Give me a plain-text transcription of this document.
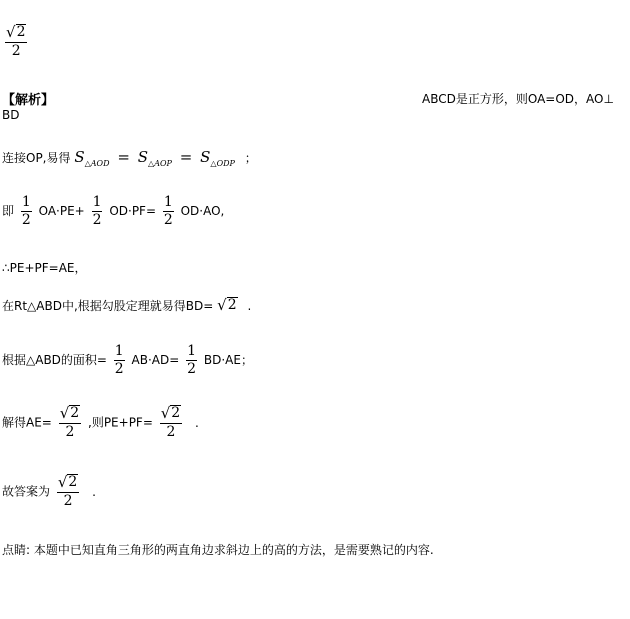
$\frac{√ 2}{2}$
【解析】	ABCD是正方形，则OA=OD，AO⊥
BD
连接OP,易得 $S_{\triangle AOD} = S_{\triangle AOP} = S_{\triangle ODP}$ ；
即 $\frac{1}{2} OA\cdot PE+ \frac{1}{2} OD\cdot PF= \frac{1}{2} OD\cdot AO$,
∴PE+PF=AE，
在Rt△ABD中,根据勾股定理就易得BD= √ 2 .
根据△ABD的面积= $\frac{1}{2} AB\cdot AD= \frac{1}{2} BD\cdot AE$；
解得$AE= \frac{√ 2}{2}$ ,则$PE+PF= \frac{√ 2}{2}$ .
故答案为 $\frac{√ 2}{2}$ .
点睛: 本题中已知直角三角形的两直角边求斜边上的高的方法，是需要熟记的内容.
